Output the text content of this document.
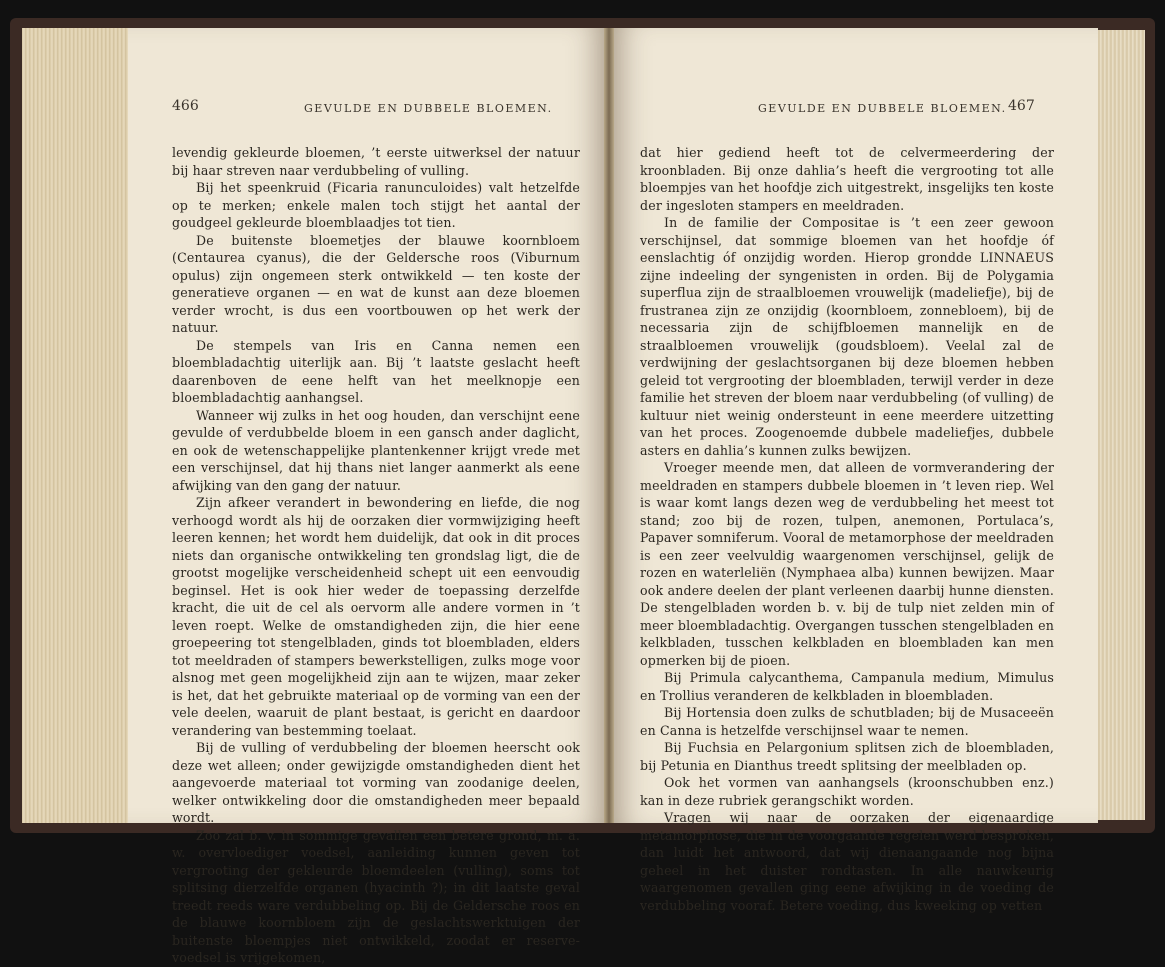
466	GEVULDE EN DUBBELE BLOEMEN.

levendig gekleurde bloemen, ’t eerste uitwerksel der natuur bij haar streven naar verdubbeling of vulling.

Bij het speenkruid (Ficaria ranunculoides) valt hetzelfde op te merken; enkele malen toch stijgt het aantal der goudgeel gekleurde bloemblaadjes tot tien.

De buitenste bloemetjes der blauwe koornbloem (Centaurea cyanus), die der Geldersche roos (Viburnum opulus) zijn ongemeen sterk ontwikkeld — ten koste der generatieve organen — en wat de kunst aan deze bloemen verder wrocht, is dus een voortbouwen op het werk der natuur.

De stempels van Iris en Canna nemen een bloembladachtig uiterlijk aan. Bij ’t laatste geslacht heeft daarenboven de eene helft van het meelknopje een bloembladachtig aanhangsel.

Wanneer wij zulks in het oog houden, dan verschijnt eene gevulde of verdubbelde bloem in een gansch ander daglicht, en ook de wetenschappelijke plantenkenner krijgt vrede met een verschijnsel, dat hij thans niet langer aanmerkt als eene afwijking van den gang der natuur.

Zijn afkeer verandert in bewondering en liefde, die nog verhoogd wordt als hij de oorzaken dier vormwijziging heeft leeren kennen; het wordt hem duidelijk, dat ook in dit proces niets dan organische ontwikkeling ten grondslag ligt, die de grootst mogelijke verscheidenheid schept uit een eenvoudig beginsel. Het is ook hier weder de toepassing derzelfde kracht, die uit de cel als oervorm alle andere vormen in ’t leven roept. Welke de omstandigheden zijn, die hier eene groepeering tot stengelbladen, ginds tot bloembladen, elders tot meeldraden of stampers bewerkstelligen, zulks moge voor alsnog met geen mogelijkheid zijn aan te wijzen, maar zeker is het, dat het gebruikte materiaal op de vorming van een der vele deelen, waaruit de plant bestaat, is gericht en daardoor verandering van bestemming toelaat.

Bij de vulling of verdubbeling der bloemen heerscht ook deze wet alleen; onder gewijzigde omstandigheden dient het aangevoerde materiaal tot vorming van zoodanige deelen, welker ontwikkeling door die omstandigheden meer bepaald wordt.

Zoo zal b. v. in sommige gevallen een betere grond, m. a. w. overvloediger voedsel, aanleiding kunnen geven tot vergrooting der gekleurde bloemdeelen (vulling), soms tot splitsing dierzelfde organen (hyacinth ?); in dit laatste geval treedt reeds ware verdubbeling op. Bij de Geldersche roos en de blauwe koornbloem zijn de geslachtswerktuigen der buitenste bloempjes niet ontwikkeld, zoodat er reserve-voedsel is vrijgekomen,

GEVULDE EN DUBBELE BLOEMEN. 467

dat hier gediend heeft tot de celvermeerdering der kroonbladen. Bij onze dahlia’s heeft die vergrooting tot alle bloempjes van het hoofdje zich uitgestrekt, insgelijks ten koste der ingesloten stampers en meeldraden.

In de familie der Compositae is ’t een zeer gewoon verschijnsel, dat sommige bloemen van het hoofdje óf eenslachtig óf onzijdig worden. Hierop grondde LINNAEUS zijne indeeling der syngenisten in orden. Bij de Polygamia superflua zijn de straalbloemen vrouwelijk (madeliefje), bij de frustranea zijn ze onzijdig (koornbloem, zonnebloem), bij de necessaria zijn de schijfbloemen mannelijk en de straalbloemen vrouwelijk (goudsbloem). Veelal zal de verdwijning der geslachtsorganen bij deze bloemen hebben geleid tot vergrooting der bloembladen, terwijl verder in deze familie het streven der bloem naar verdubbeling (of vulling) de kultuur niet weinig ondersteunt in eene meerdere uitzetting van het proces. Zoogenoemde dubbele madeliefjes, dubbele asters en dahlia’s kunnen zulks bewijzen.

Vroeger meende men, dat alleen de vormverandering der meeldraden en stampers dubbele bloemen in ’t leven riep. Wel is waar komt langs dezen weg de verdubbeling het meest tot stand; zoo bij de rozen, tulpen, anemonen, Portulaca’s, Papaver somniferum. Vooral de metamorphose der meeldraden is een zeer veelvuldig waargenomen verschijnsel, gelijk de rozen en waterleliën (Nymphaea alba) kunnen bewijzen. Maar ook andere deelen der plant verleenen daarbij hunne diensten. De stengelbladen worden b. v. bij de tulp niet zelden min of meer bloembladachtig. Overgangen tusschen stengelbladen en kelkbladen, tusschen kelkbladen en bloembladen kan men opmerken bij de pioen.

Bij Primula calycanthema, Campanula medium, Mimulus en Trollius veranderen de kelkbladen in bloembladen.

Bij Hortensia doen zulks de schutbladen; bij de Musaceeën en Canna is hetzelfde verschijnsel waar te nemen.

Bij Fuchsia en Pelargonium splitsen zich de bloembladen, bij Petunia en Dianthus treedt splitsing der meelbladen op.

Ook het vormen van aanhangsels (kroonschubben enz.) kan in deze rubriek gerangschikt worden.

Vragen wij naar de oorzaken der eigenaardige metamorphose, die in de voorgaande regelen werd besproken, dan luidt het antwoord, dat wij dienaangaande nog bijna geheel in het duister rondtasten. In alle nauwkeurig waargenomen gevallen ging eene afwijking in de voeding de verdubbeling vooraf. Betere voeding, dus kweeking op vetten
